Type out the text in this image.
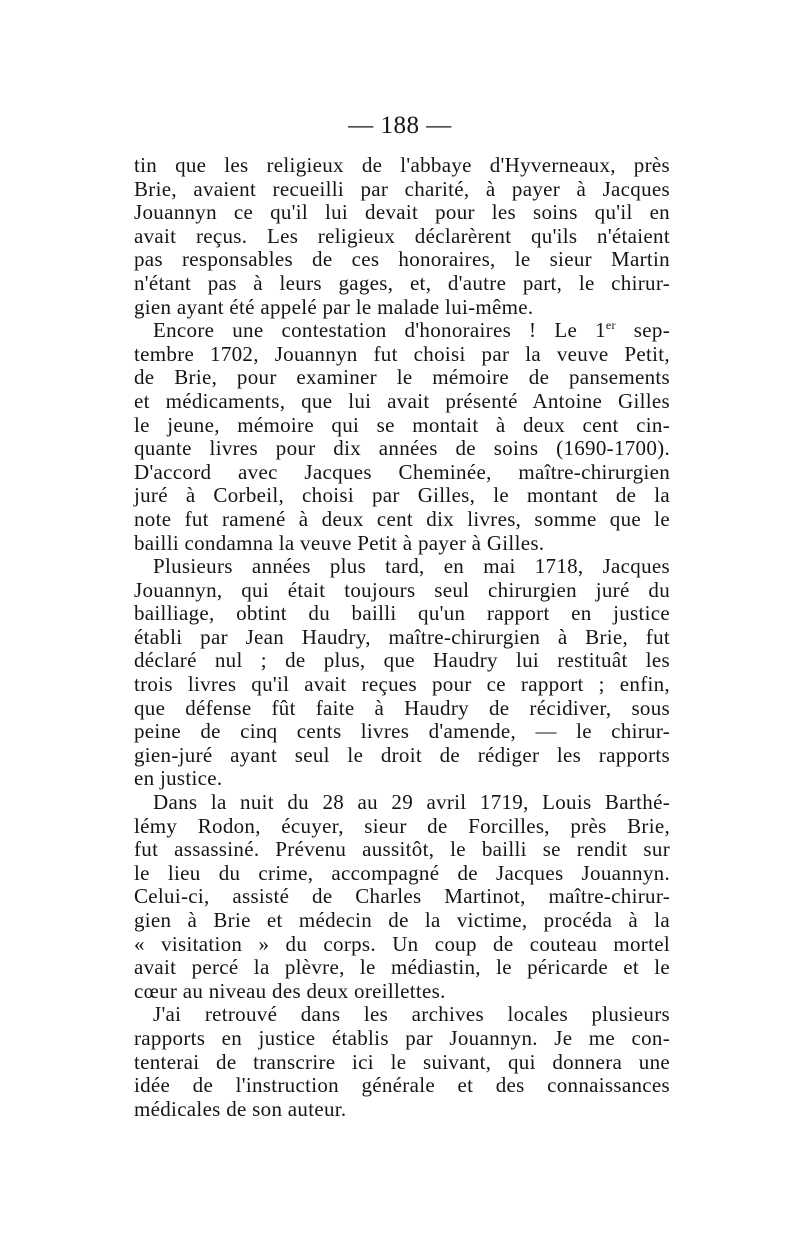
— 188 —
tin que les religieux de l'abbaye d'Hyverneaux, près
Brie, avaient recueilli par charité, à payer à Jacques
Jouannyn ce qu'il lui devait pour les soins qu'il en
avait reçus. Les religieux déclarèrent qu'ils n'étaient
pas responsables de ces honoraires, le sieur Martin
n'étant pas à leurs gages, et, d'autre part, le chirur-
gien ayant été appelé par le malade lui-même.
Encore une contestation d'honoraires ! Le 1er sep-
tembre 1702, Jouannyn fut choisi par la veuve Petit,
de Brie, pour examiner le mémoire de pansements
et médicaments, que lui avait présenté Antoine Gilles
le jeune, mémoire qui se montait à deux cent cin-
quante livres pour dix années de soins (1690-1700).
D'accord avec Jacques Cheminée, maître-chirurgien
juré à Corbeil, choisi par Gilles, le montant de la
note fut ramené à deux cent dix livres, somme que le
bailli condamna la veuve Petit à payer à Gilles.
Plusieurs années plus tard, en mai 1718, Jacques
Jouannyn, qui était toujours seul chirurgien juré du
bailliage, obtint du bailli qu'un rapport en justice
établi par Jean Haudry, maître-chirurgien à Brie, fut
déclaré nul ; de plus, que Haudry lui restituât les
trois livres qu'il avait reçues pour ce rapport ; enfin,
que défense fût faite à Haudry de récidiver, sous
peine de cinq cents livres d'amende, — le chirur-
gien-juré ayant seul le droit de rédiger les rapports
en justice.
Dans la nuit du 28 au 29 avril 1719, Louis Barthé-
lémy Rodon, écuyer, sieur de Forcilles, près Brie,
fut assassiné. Prévenu aussitôt, le bailli se rendit sur
le lieu du crime, accompagné de Jacques Jouannyn.
Celui-ci, assisté de Charles Martinot, maître-chirur-
gien à Brie et médecin de la victime, procéda à la
« visitation » du corps. Un coup de couteau mortel
avait percé la plèvre, le médiastin, le péricarde et le
cœur au niveau des deux oreillettes.
J'ai retrouvé dans les archives locales plusieurs
rapports en justice établis par Jouannyn. Je me con-
tenterai de transcrire ici le suivant, qui donnera une
idée de l'instruction générale et des connaissances
médicales de son auteur.
